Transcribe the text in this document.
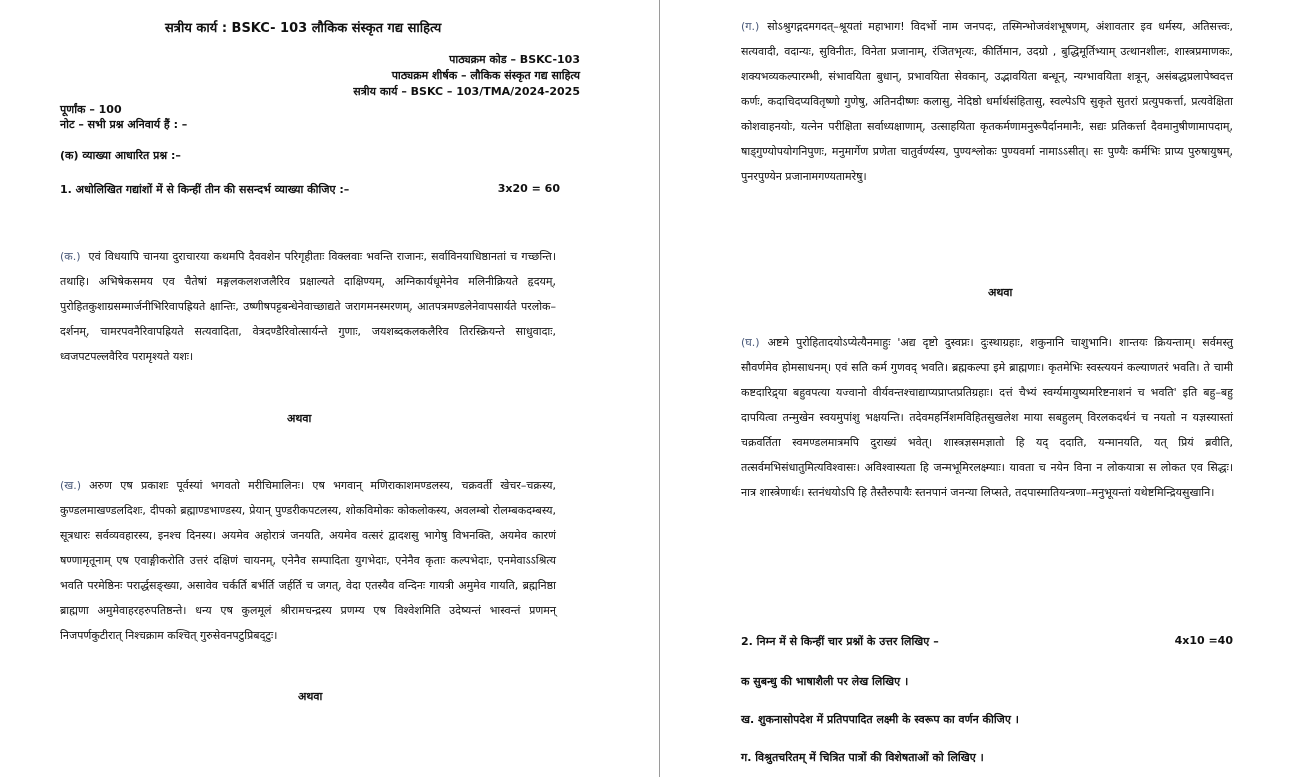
सत्रीय कार्य : BSKC- 103 लौकिक संस्कृत गद्य साहित्य
पाठ्यक्रम कोड – BSKC-103
पाठ्यक्रम शीर्षक – लौकिक संस्कृत गद्य साहित्य
सत्रीय कार्य – BSKC – 103/TMA/2024-2025
पूर्णांक – 100
नोट – सभी प्रश्न अनिवार्य हैं : –
(क) व्याख्या आधारित प्रश्न :–
1. अधोलिखित गद्यांशों में से किन्हीं तीन की ससन्दर्भ व्याख्या कीजिए :–	3x20 = 60
(क.) एवं विधयापि चानया दुराचारया कथमपि दैववशेन परिगृहीताः विक्लवाः भवन्ति राजानः, सर्वाविनयाधिष्ठानतां च गच्छन्ति। तथाहि। अभिषेकसमय एव चैतेषां मङ्गलकलशजलैरिव प्रक्षाल्यते दाक्षिण्यम्, अग्निकार्यधूमेनेव मलिनीक्रियते हृदयम्, पुरोहितकुशाग्रसम्मार्जनीभिरिवापह्रियते क्षान्तिः, उष्णीषपट्टबन्धेनेवाच्छाद्यते जरागमनस्मरणम्, आतपत्रमण्डलेनेवापसार्यते परलोक–दर्शनम्, चामरपवनैरिवापह्रियते सत्यवादिता, वेत्रदण्डैरिवोत्सार्यन्ते गुणाः, जयशब्दकलकलैरिव तिरस्क्रियन्ते साधुवादाः, ध्वजपटपल्लवैरिव परामृश्यते यशः।
अथवा
(ख.) अरुण एष प्रकाशः पूर्वस्यां भगवतो मरीचिमालिनः। एष भगवान् मणिराकाशमण्डलस्य, चक्रवर्ती खेचर–चक्रस्य, कुण्डलमाखण्डलदिशः, दीपको ब्रह्माण्डभाण्डस्य, प्रेयान् पुण्डरीकपटलस्य, शोकविमोकः कोकलोकस्य, अवलम्बो रोलम्बकदम्बस्य, सूत्रधारः सर्वव्यवहारस्य, इनश्च दिनस्य। अयमेव अहोरात्रं जनयति, अयमेव वत्सरं द्वादशसु भागेषु विभनक्ति, अयमेव कारणं षण्णामृतूनाम् एष एवाङ्गीकरोति उत्तरं दक्षिणं चायनम्, एनेनैव सम्पादिता युगभेदाः, एनेनैव कृताः कल्पभेदाः, एनमेवाऽऽश्रित्य भवति परमेष्ठिनः परार्द्धसङ्ख्या, असावेव चर्कर्ति बर्भर्ति जर्हर्ति च जगत्, वेदा एतस्यैव वन्दिनः गायत्री अमुमेव गायति, ब्रह्मनिष्ठा ब्राह्मणा अमुमेवाहरहरुपतिष्ठन्ते। धन्य एष कुलमूलं श्रीरामचन्द्रस्य प्रणम्य एष विश्वेशमिति उदेष्यन्तं भास्वन्तं प्रणमन् निजपर्णकुटीरात् निश्चक्राम कश्चित् गुरुसेवनपटुप्रिबद्टुः।
अथवा
(ग.) सोऽश्रुगद्गदमगदत्–श्रूयतां महाभाग! विदर्भो नाम जनपदः, तस्मिन्भोजवंशभूषणम्, अंशावतार इव धर्मस्य, अतिसत्त्वः, सत्यवादी, वदान्यः, सुविनीतः, विनेता प्रजानाम्, रंजितभृत्यः, कीर्तिमान, उदग्रो , बुद्धिमूर्तिभ्याम् उत्थानशीलः, शास्त्रप्रमाणकः, शक्यभव्यकल्पारम्भी, संभावयिता बुधान्, प्रभावयिता सेवकान्, उद्भावयिता बन्धून्, न्यग्भावयिता शत्रून्, असंबद्धप्रलापेष्वदत्त कर्णः, कदाचिदप्यवितृष्णो गुणेषु, अतिनदीष्णः कलासु, नेदिष्ठो धर्मार्थसंहितासु, स्वल्पेऽपि सुकृते सुतरां प्रत्युपकर्त्ता, प्रत्यवेक्षिता कोशवाहनयोः, यत्नेन परीक्षिता सर्वाध्यक्षाणाम्, उत्साहयिता कृतकर्मणामनुरूपैर्दानमानैः, सद्यः प्रतिकर्त्ता दैवमानुषीणामापदाम्, षाड्गुण्योपयोगनिपुणः, मनुमार्गेण प्रणेता चातुर्वर्ण्यस्य, पुण्यश्लोकः पुण्यवर्मा नामाऽऽसीत्। सः पुण्यैः कर्मभिः प्राप्य पुरुषायुषम्, पुनरपुण्येन प्रजानामगण्यतामरेषु।
अथवा
(घ.) अष्टमे पुरोहितादयोऽप्येत्यैनमाहुः 'अद्य दृष्टो दुस्वप्नः। दुःस्थाग्रहाः, शकुनानि चाशुभानि। शान्तयः क्रियन्ताम्। सर्वमस्तु सौवर्णमेव होमसाधनम्। एवं सति कर्म गुणवद् भवति। ब्रह्मकल्पा इमे ब्राह्मणाः। कृतमेभिः स्वस्त्ययनं कल्याणतरं भवति। ते चामी कष्टदारिद्र्या बहुवपत्या यज्वानो वीर्यवन्तश्चाद्याप्यप्राप्तप्रतिग्रहाः। दत्तं चैभ्यं स्वर्ग्यमायुष्यमरिष्टनाशनं च भवति' इति बहु–बहु दापयित्वा तन्मुखेन स्वयमुपांशु भक्षयन्ति। तदेवमहर्निशमविहितसुखलेश माया सबहुलम् विरलकदर्थनं च नयतो न यज्ञस्यास्तां चक्रवर्तिता स्वमण्डलमात्रमपि दुराख्यं भवेत्। शास्त्रज्ञसमज्ञातो हि यद् ददाति, यन्मानयति, यत् प्रियं ब्रवीति, तत्सर्वमभिसंधातुमित्यविश्वासः। अविश्वास्यता हि जन्मभूमिरलक्ष्म्याः। यावता च नयेन विना न लोकयात्रा स लोकत एव सिद्धः। नात्र शास्त्रेणार्थः। स्तनंधयोऽपि हि तैस्तैरुपायैः स्तनपानं जनन्या लिप्सते, तदपास्मातियन्त्रणा–मनुभूयन्तां यथेष्टमिन्द्रियसुखानि।
2. निम्न में से किन्हीं चार प्रश्नों के उत्तर लिखिए –	4x10 =40
क सुबन्धु की भाषाशैली पर लेख लिखिए ।
ख. शुकनासोपदेश में प्रतिपपादित लक्ष्मी के स्वरूप का वर्णन कीजिए ।
ग. विश्रुतचरितम् में चित्रित पात्रों की विशेषताओं को लिखिए ।
